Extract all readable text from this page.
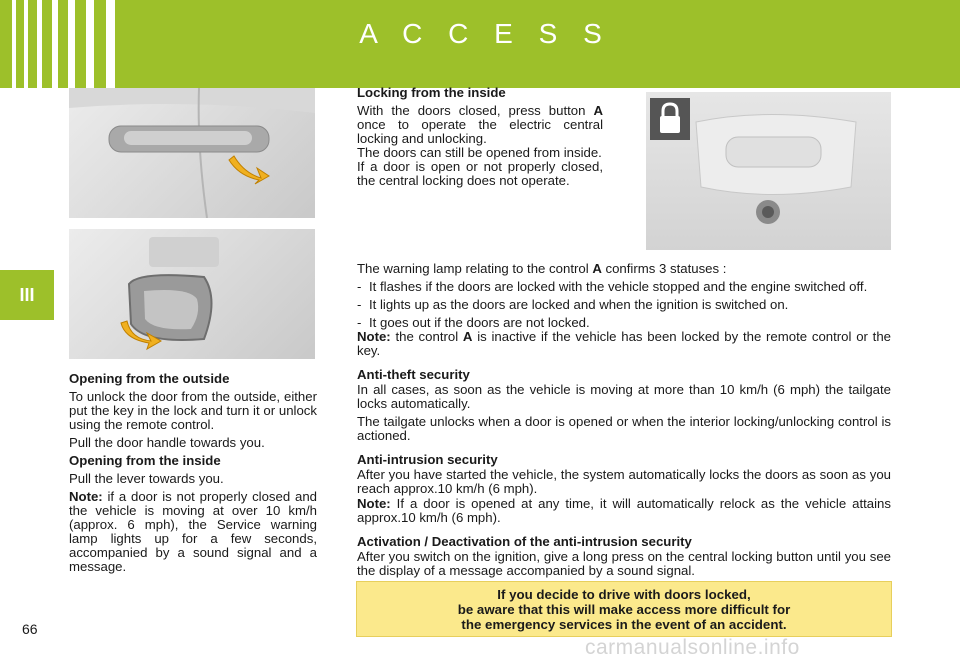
A C C E S S
III
Opening from the outside

To unlock the door from the outside, either put the key in the lock and turn it or unlock using the remote control.

Pull the door handle towards you.

Opening from the inside

Pull the lever towards you.

Note: if a door is not properly closed and the vehicle is moving at over 10 km/h (approx. 6 mph), the Service warning lamp lights up for a few seconds, accompanied by a sound signal and a message.

Locking from the inside

With the doors closed, press button A once to operate the electric central locking and unlocking.

The doors can still be opened from inside.

If a door is open or not properly closed, the central locking does not operate.

The warning lamp relating to the control A confirms 3 statuses :

- It flashes if the doors are locked with the vehicle stopped and the engine switched off.
- It lights up as the doors are locked and when the ignition is switched on.
- It goes out if the doors are not locked.

Note: the control A is inactive if the vehicle has been locked by the remote control or the key.

Anti-theft security

In all cases, as soon as the vehicle is moving at more than 10 km/h (6 mph) the tailgate locks automatically.

The tailgate unlocks when a door is opened or when the interior locking/unlocking control is actioned.

Anti-intrusion security

After you have started the vehicle, the system automatically locks the doors as soon as you reach approx.10 km/h (6 mph).

Note: If a door is opened at any time, it will automatically relock as the vehicle attains approx.10 km/h (6 mph).

Activation / Deactivation of the anti-intrusion security

After you switch on the ignition, give a long press on the central locking button until you see the display of a message accompanied by a sound signal.

If you decide to drive with doors locked,
be aware that this will make access more difficult for
the emergency services in the event of an accident.
66
carmanualsonline.info
